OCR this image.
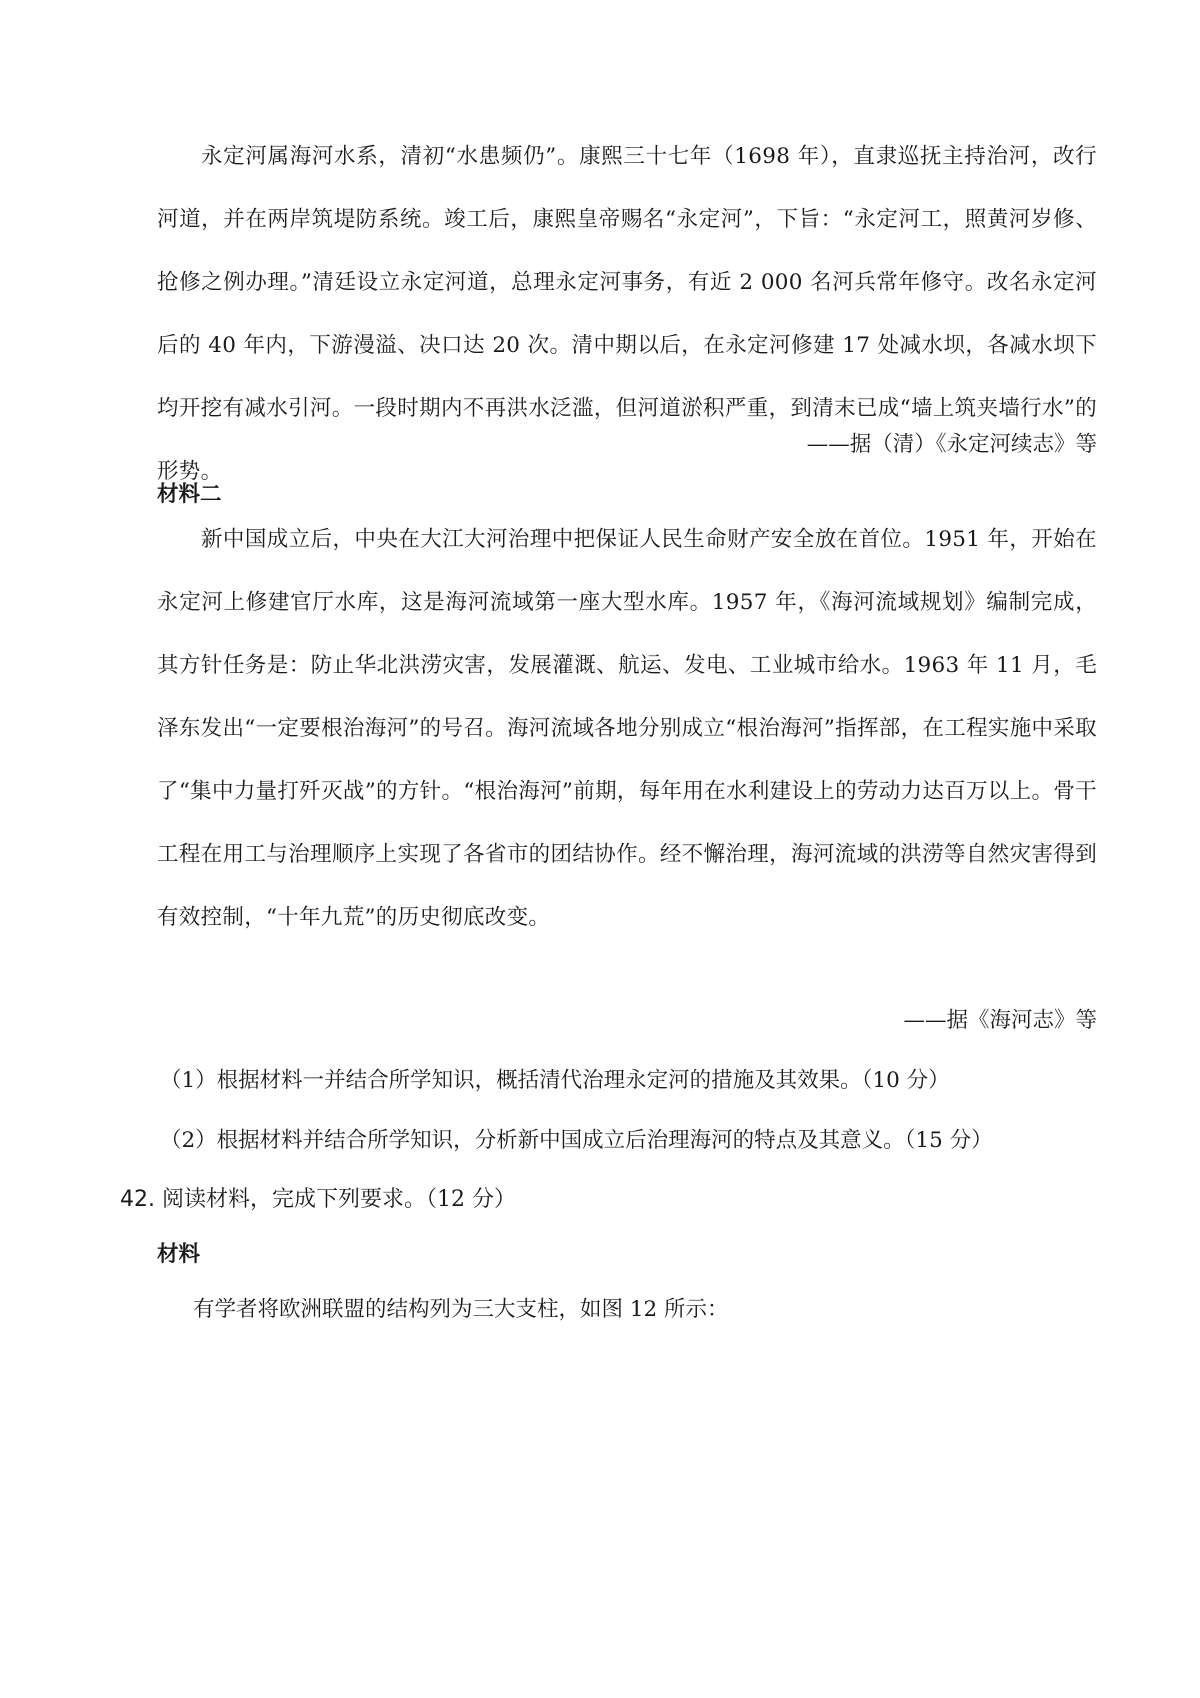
永定河属海河水系，清初“水患频仍”。康熙三十七年（1698 年），直隶巡抚主持治河，改行河道，并在两岸筑堤防系统。竣工后，康熙皇帝赐名“永定河”，下旨：“永定河工，照黄河岁修、抢修之例办理。”清廷设立永定河道，总理永定河事务，有近 2 000 名河兵常年修守。改名永定河后的 40 年内，下游漫溢、决口达 20 次。清中期以后，在永定河修建 17 处减水坝，各减水坝下均开挖有减水引河。一段时期内不再洪水泛滥，但河道淤积严重，到清末已成“墙上筑夹墙行水”的形势。

——据（清）《永定河续志》等
材料二

新中国成立后，中央在大江大河治理中把保证人民生命财产安全放在首位。1951 年，开始在永定河上修建官厅水库，这是海河流域第一座大型水库。1957 年，《海河流域规划》编制完成，其方针任务是：防止华北洪涝灾害，发展灌溉、航运、发电、工业城市给水。1963 年 11 月，毛泽东发出“一定要根治海河”的号召。海河流域各地分别成立“根治海河”指挥部，在工程实施中采取了“集中力量打歼灭战”的方针。“根治海河”前期，每年用在水利建设上的劳动力达百万以上。骨干工程在用工与治理顺序上实现了各省市的团结协作。经不懈治理，海河流域的洪涝等自然灾害得到有效控制，“十年九荒”的历史彻底改变。

——据《海河志》等
（1）根据材料一并结合所学知识，概括清代治理永定河的措施及其效果。（10 分）
（2）根据材料并结合所学知识，分析新中国成立后治理海河的特点及其意义。（15 分）
42. 阅读材料，完成下列要求。（12 分）
材料
有学者将欧洲联盟的结构列为三大支柱，如图 12 所示：
